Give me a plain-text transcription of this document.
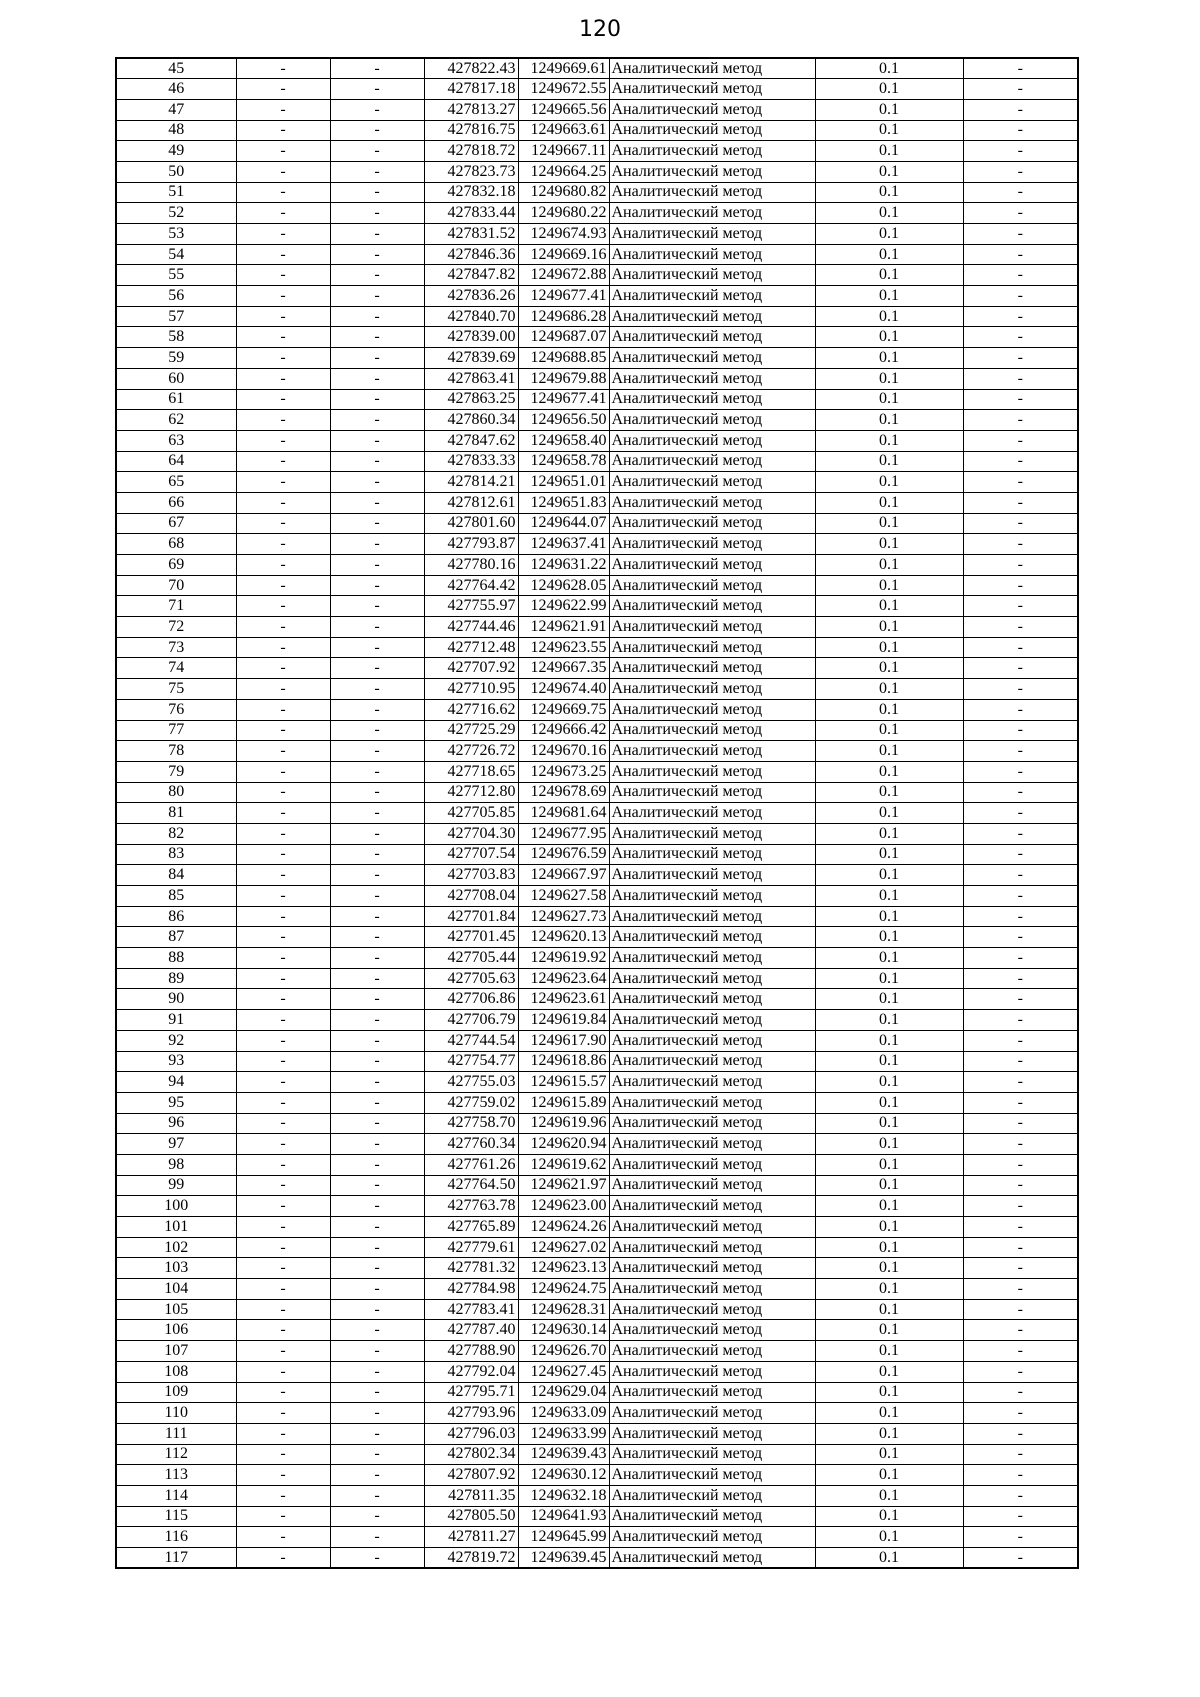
120
45	-	-	427822.43	1249669.61	Аналитический метод	0.1	-
46	-	-	427817.18	1249672.55	Аналитический метод	0.1	-
47	-	-	427813.27	1249665.56	Аналитический метод	0.1	-
48	-	-	427816.75	1249663.61	Аналитический метод	0.1	-
49	-	-	427818.72	1249667.11	Аналитический метод	0.1	-
50	-	-	427823.73	1249664.25	Аналитический метод	0.1	-
51	-	-	427832.18	1249680.82	Аналитический метод	0.1	-
52	-	-	427833.44	1249680.22	Аналитический метод	0.1	-
53	-	-	427831.52	1249674.93	Аналитический метод	0.1	-
54	-	-	427846.36	1249669.16	Аналитический метод	0.1	-
55	-	-	427847.82	1249672.88	Аналитический метод	0.1	-
56	-	-	427836.26	1249677.41	Аналитический метод	0.1	-
57	-	-	427840.70	1249686.28	Аналитический метод	0.1	-
58	-	-	427839.00	1249687.07	Аналитический метод	0.1	-
59	-	-	427839.69	1249688.85	Аналитический метод	0.1	-
60	-	-	427863.41	1249679.88	Аналитический метод	0.1	-
61	-	-	427863.25	1249677.41	Аналитический метод	0.1	-
62	-	-	427860.34	1249656.50	Аналитический метод	0.1	-
63	-	-	427847.62	1249658.40	Аналитический метод	0.1	-
64	-	-	427833.33	1249658.78	Аналитический метод	0.1	-
65	-	-	427814.21	1249651.01	Аналитический метод	0.1	-
66	-	-	427812.61	1249651.83	Аналитический метод	0.1	-
67	-	-	427801.60	1249644.07	Аналитический метод	0.1	-
68	-	-	427793.87	1249637.41	Аналитический метод	0.1	-
69	-	-	427780.16	1249631.22	Аналитический метод	0.1	-
70	-	-	427764.42	1249628.05	Аналитический метод	0.1	-
71	-	-	427755.97	1249622.99	Аналитический метод	0.1	-
72	-	-	427744.46	1249621.91	Аналитический метод	0.1	-
73	-	-	427712.48	1249623.55	Аналитический метод	0.1	-
74	-	-	427707.92	1249667.35	Аналитический метод	0.1	-
75	-	-	427710.95	1249674.40	Аналитический метод	0.1	-
76	-	-	427716.62	1249669.75	Аналитический метод	0.1	-
77	-	-	427725.29	1249666.42	Аналитический метод	0.1	-
78	-	-	427726.72	1249670.16	Аналитический метод	0.1	-
79	-	-	427718.65	1249673.25	Аналитический метод	0.1	-
80	-	-	427712.80	1249678.69	Аналитический метод	0.1	-
81	-	-	427705.85	1249681.64	Аналитический метод	0.1	-
82	-	-	427704.30	1249677.95	Аналитический метод	0.1	-
83	-	-	427707.54	1249676.59	Аналитический метод	0.1	-
84	-	-	427703.83	1249667.97	Аналитический метод	0.1	-
85	-	-	427708.04	1249627.58	Аналитический метод	0.1	-
86	-	-	427701.84	1249627.73	Аналитический метод	0.1	-
87	-	-	427701.45	1249620.13	Аналитический метод	0.1	-
88	-	-	427705.44	1249619.92	Аналитический метод	0.1	-
89	-	-	427705.63	1249623.64	Аналитический метод	0.1	-
90	-	-	427706.86	1249623.61	Аналитический метод	0.1	-
91	-	-	427706.79	1249619.84	Аналитический метод	0.1	-
92	-	-	427744.54	1249617.90	Аналитический метод	0.1	-
93	-	-	427754.77	1249618.86	Аналитический метод	0.1	-
94	-	-	427755.03	1249615.57	Аналитический метод	0.1	-
95	-	-	427759.02	1249615.89	Аналитический метод	0.1	-
96	-	-	427758.70	1249619.96	Аналитический метод	0.1	-
97	-	-	427760.34	1249620.94	Аналитический метод	0.1	-
98	-	-	427761.26	1249619.62	Аналитический метод	0.1	-
99	-	-	427764.50	1249621.97	Аналитический метод	0.1	-
100	-	-	427763.78	1249623.00	Аналитический метод	0.1	-
101	-	-	427765.89	1249624.26	Аналитический метод	0.1	-
102	-	-	427779.61	1249627.02	Аналитический метод	0.1	-
103	-	-	427781.32	1249623.13	Аналитический метод	0.1	-
104	-	-	427784.98	1249624.75	Аналитический метод	0.1	-
105	-	-	427783.41	1249628.31	Аналитический метод	0.1	-
106	-	-	427787.40	1249630.14	Аналитический метод	0.1	-
107	-	-	427788.90	1249626.70	Аналитический метод	0.1	-
108	-	-	427792.04	1249627.45	Аналитический метод	0.1	-
109	-	-	427795.71	1249629.04	Аналитический метод	0.1	-
110	-	-	427793.96	1249633.09	Аналитический метод	0.1	-
111	-	-	427796.03	1249633.99	Аналитический метод	0.1	-
112	-	-	427802.34	1249639.43	Аналитический метод	0.1	-
113	-	-	427807.92	1249630.12	Аналитический метод	0.1	-
114	-	-	427811.35	1249632.18	Аналитический метод	0.1	-
115	-	-	427805.50	1249641.93	Аналитический метод	0.1	-
116	-	-	427811.27	1249645.99	Аналитический метод	0.1	-
117	-	-	427819.72	1249639.45	Аналитический метод	0.1	-
